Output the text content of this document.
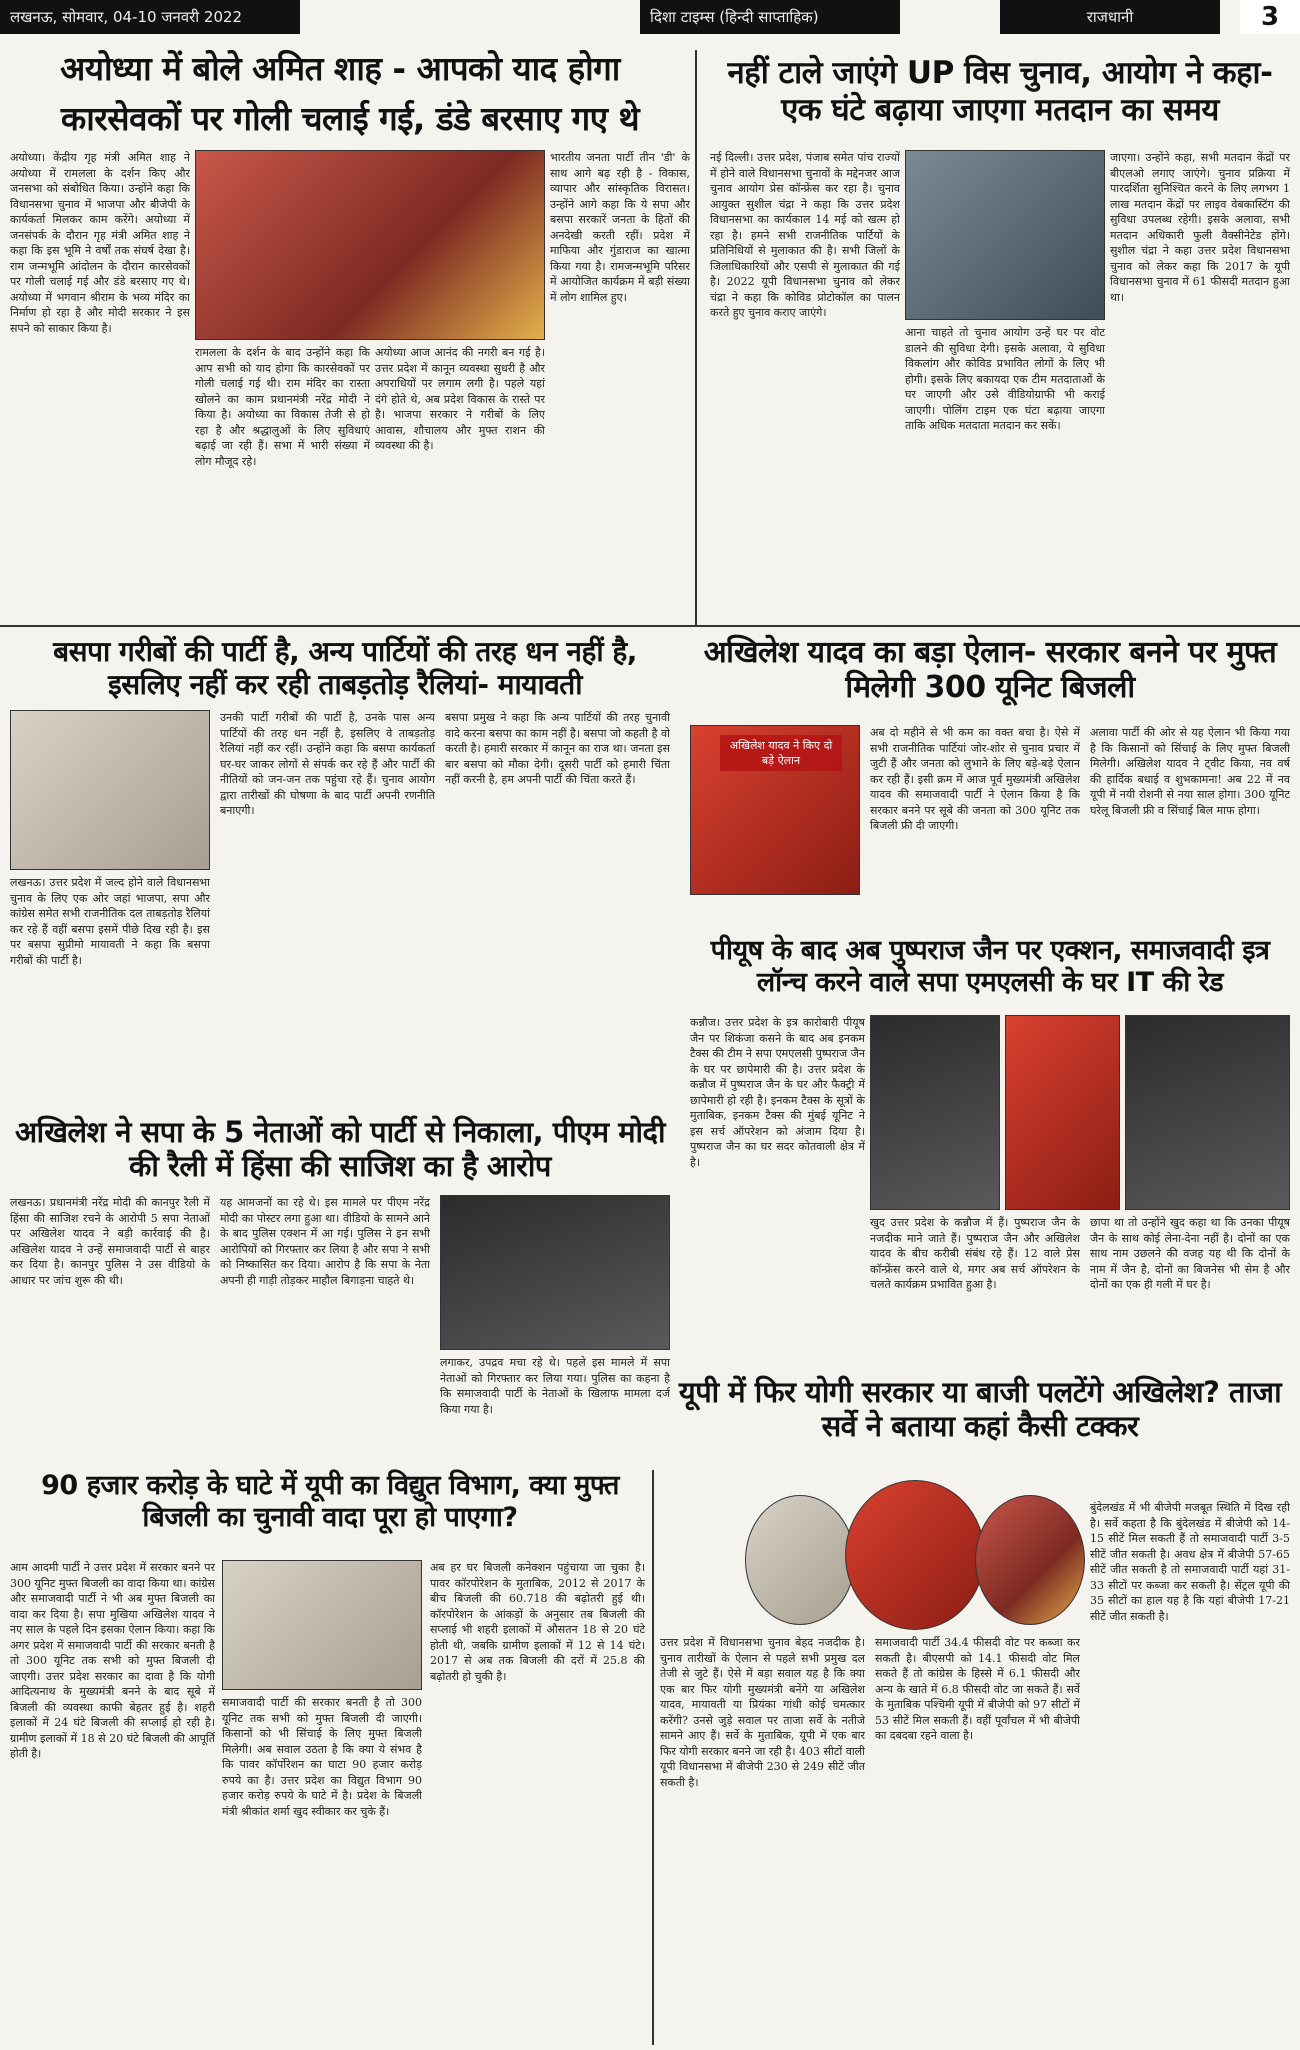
लखनऊ, सोमवार, 04-10 जनवरी 2022	दिशा टाइम्स (हिन्दी साप्ताहिक)	राजधानी	3
अयोध्या में बोले अमित शाह - आपको याद होगा
कारसेवकों पर गोली चलाई गई, डंडे बरसाए गए थे
अयोध्या। केंद्रीय गृह मंत्री अमित शाह ने अयोध्या में रामलला के दर्शन किए और जनसभा को संबोधित किया। उन्होंने कहा कि विधानसभा चुनाव में भाजपा और बीजेपी के कार्यकर्ता मिलकर काम करेंगे। अयोध्या में जनसंपर्क के दौरान गृह मंत्री अमित शाह ने कहा कि इस भूमि ने वर्षों तक संघर्ष देखा है। राम जन्मभूमि आंदोलन के दौरान कारसेवकों पर गोली चलाई गई और डंडे बरसाए गए थे। अयोध्या में भगवान श्रीराम के भव्य मंदिर का निर्माण हो रहा है और मोदी सरकार ने इस सपने को साकार किया है।
रामलला के दर्शन के बाद उन्होंने कहा कि आप सभी को याद होगा कि कारसेवकों पर गोली चलाई गई थी। राम मंदिर का रास्ता खोलने का काम प्रधानमंत्री नरेंद्र मोदी ने किया है। अयोध्या का विकास तेजी से हो रहा है और श्रद्धालुओं के लिए सुविधाएं बढ़ाई जा रही हैं। सभा में भारी संख्या में लोग मौजूद रहे।
अयोध्या आज आनंद की नगरी बन गई है। उत्तर प्रदेश में कानून व्यवस्था सुधरी है और अपराधियों पर लगाम लगी है। पहले यहां दंगे होते थे, अब प्रदेश विकास के रास्ते पर है। भाजपा सरकार ने गरीबों के लिए आवास, शौचालय और मुफ्त राशन की व्यवस्था की है।
भारतीय जनता पार्टी तीन 'डी' के साथ आगे बढ़ रही है - विकास, व्यापार और सांस्कृतिक विरासत। उन्होंने आगे कहा कि ये सपा और बसपा सरकारें जनता के हितों की अनदेखी करती रहीं। प्रदेश में माफिया और गुंडाराज का खात्मा किया गया है। रामजन्मभूमि परिसर में आयोजित कार्यक्रम में बड़ी संख्या में लोग शामिल हुए।
नहीं टाले जाएंगे UP विस चुनाव, आयोग ने कहा- एक घंटे बढ़ाया जाएगा मतदान का समय
नई दिल्ली। उत्तर प्रदेश, पंजाब समेत पांच राज्यों में होने वाले विधानसभा चुनावों के मद्देनजर आज चुनाव आयोग प्रेस कॉन्फ्रेंस कर रहा है। चुनाव आयुक्त सुशील चंद्रा ने कहा कि उत्तर प्रदेश विधानसभा का कार्यकाल 14 मई को खत्म हो रहा है। हमने सभी राजनीतिक पार्टियों के प्रतिनिधियों से मुलाकात की है। सभी जिलों के जिलाधिकारियों और एसपी से मुलाकात की गई है। 2022 यूपी विधानसभा चुनाव को लेकर चंद्रा ने कहा कि कोविड प्रोटोकॉल का पालन करते हुए चुनाव कराए जाएंगे।
आना चाहते तो चुनाव आयोग उन्हें घर पर वोट डालने की सुविधा देगी। इसके अलावा, ये सुविधा विकलांग और कोविड प्रभावित लोगों के लिए भी होगी। इसके लिए बकायदा एक टीम मतदाताओं के घर जाएगी और उसे वीडियोग्राफी भी कराई जाएगी। पोलिंग टाइम एक घंटा बढ़ाया जाएगा ताकि अधिक मतदाता मतदान कर सकें।
जाएगा। उन्होंने कहा, सभी मतदान केंद्रों पर बीएलओ लगाए जाएंगे। चुनाव प्रक्रिया में पारदर्शिता सुनिश्चित करने के लिए लगभग 1 लाख मतदान केंद्रों पर लाइव वेबकास्टिंग की सुविधा उपलब्ध रहेगी। इसके अलावा, सभी मतदान अधिकारी फुली वैक्सीनेटेड होंगे। सुशील चंद्रा ने कहा उत्तर प्रदेश विधानसभा चुनाव को लेकर कहा कि 2017 के यूपी विधानसभा चुनाव में 61 फीसदी मतदान हुआ था।
बसपा गरीबों की पार्टी है, अन्य पार्टियों की तरह धन नहीं है, इसलिए नहीं कर रही ताबड़तोड़ रैलियां- मायावती
लखनऊ। उत्तर प्रदेश में जल्द होने वाले विधानसभा चुनाव के लिए एक ओर जहां भाजपा, सपा और कांग्रेस समेत सभी राजनीतिक दल ताबड़तोड़ रैलियां कर रहे हैं वहीं बसपा इसमें पीछे दिख रही है। इस पर बसपा सुप्रीमो मायावती ने कहा कि बसपा गरीबों की पार्टी है।
उनकी पार्टी गरीबों की पार्टी है, उनके पास अन्य पार्टियों की तरह धन नहीं है, इसलिए वे ताबड़तोड़ रैलियां नहीं कर रहीं। उन्होंने कहा कि बसपा कार्यकर्ता घर-घर जाकर लोगों से संपर्क कर रहे हैं और पार्टी की नीतियों को जन-जन तक पहुंचा रहे हैं। चुनाव आयोग द्वारा तारीखों की घोषणा के बाद पार्टी अपनी रणनीति बनाएगी।
बसपा प्रमुख ने कहा कि अन्य पार्टियों की तरह चुनावी वादे करना बसपा का काम नहीं है। बसपा जो कहती है वो करती है। हमारी सरकार में कानून का राज था। जनता इस बार बसपा को मौका देगी। दूसरी पार्टी को हमारी चिंता नहीं करनी है, हम अपनी पार्टी की चिंता करते हैं।
अखिलेश यादव का बड़ा ऐलान- सरकार बनने पर मुफ्त मिलेगी 300 यूनिट बिजली
अखिलेश यादव ने किए दो बड़े ऐलान
अब दो महीने से भी कम का वक्त बचा है। ऐसे में सभी राजनीतिक पार्टियां जोर-शोर से चुनाव प्रचार में जुटी हैं और जनता को लुभाने के लिए बड़े-बड़े ऐलान कर रही हैं। इसी क्रम में आज पूर्व मुख्यमंत्री अखिलेश यादव की समाजवादी पार्टी ने ऐलान किया है कि सरकार बनने पर सूबे की जनता को 300 यूनिट तक बिजली फ्री दी जाएगी।
अलावा पार्टी की ओर से यह ऐलान भी किया गया है कि किसानों को सिंचाई के लिए मुफ्त बिजली मिलेगी। अखिलेश यादव ने ट्वीट किया, नव वर्ष की हार्दिक बधाई व शुभकामना! अब 22 में नव यूपी में नयी रोशनी से नया साल होगा। 300 यूनिट घरेलू बिजली फ्री व सिंचाई बिल माफ होगा।
पीयूष के बाद अब पुष्पराज जैन पर एक्शन, समाजवादी इत्र लॉन्च करने वाले सपा एमएलसी के घर IT की रेड
कन्नौज। उत्तर प्रदेश के इत्र कारोबारी पीयूष जैन पर शिकंजा कसने के बाद अब इनकम टैक्स की टीम ने सपा एमएलसी पुष्पराज जैन के घर पर छापेमारी की है। उत्तर प्रदेश के कन्नौज में पुष्पराज जैन के घर और फैक्ट्री में छापेमारी हो रही है। इनकम टैक्स के सूत्रों के मुताबिक, इनकम टैक्स की मुंबई यूनिट ने इस सर्च ऑपरेशन को अंजाम दिया है। पुष्पराज जैन का घर सदर कोतवाली क्षेत्र में है।
खुद उत्तर प्रदेश के कन्नौज में हैं। पुष्पराज जैन के नजदीक माने जाते हैं। पुष्पराज जैन और अखिलेश यादव के बीच करीबी संबंध रहे हैं। 12 वाले प्रेस कॉन्फ्रेंस करने वाले थे, मगर अब सर्च ऑपरेशन के चलते कार्यक्रम प्रभावित हुआ है।
छापा था तो उन्होंने खुद कहा था कि उनका पीयूष जैन के साथ कोई लेना-देना नहीं है। दोनों का एक साथ नाम उछलने की वजह यह थी कि दोनों के नाम में जैन है, दोनों का बिजनेस भी सेम है और दोनों का एक ही गली में घर है।
अखिलेश ने सपा के 5 नेताओं को पार्टी से निकाला, पीएम मोदी की रैली में हिंसा की साजिश का है आरोप
लखनऊ। प्रधानमंत्री नरेंद्र मोदी की कानपुर रैली में हिंसा की साजिश रचने के आरोपी 5 सपा नेताओं पर अखिलेश यादव ने बड़ी कार्रवाई की है। अखिलेश यादव ने उन्हें समाजवादी पार्टी से बाहर कर दिया है। कानपुर पुलिस ने उस वीडियो के आधार पर जांच शुरू की थी।
यह आमजनों का रहे थे। इस मामले पर पीएम नरेंद्र मोदी का पोस्टर लगा हुआ था। वीडियो के सामने आने के बाद पुलिस एक्शन में आ गई। पुलिस ने इन सभी आरोपियों को गिरफ्तार कर लिया है और सपा ने सभी को निष्कासित कर दिया। आरोप है कि सपा के नेता अपनी ही गाड़ी तोड़कर माहौल बिगाड़ना चाहते थे।
लगाकर, उपद्रव मचा रहे थे। पहले इस मामले में सपा नेताओं को गिरफ्तार कर लिया गया। पुलिस का कहना है कि समाजवादी पार्टी के नेताओं के खिलाफ मामला दर्ज किया गया है।
90 हजार करोड़ के घाटे में यूपी का विद्युत विभाग, क्या मुफ्त बिजली का चुनावी वादा पूरा हो पाएगा?
आम आदमी पार्टी ने उत्तर प्रदेश में सरकार बनने पर 300 यूनिट मुफ्त बिजली का वादा किया था। कांग्रेस और समाजवादी पार्टी ने भी अब मुफ्त बिजली का वादा कर दिया है। सपा मुखिया अखिलेश यादव ने नए साल के पहले दिन इसका ऐलान किया। कहा कि अगर प्रदेश में समाजवादी पार्टी की सरकार बनती है तो 300 यूनिट तक सभी को मुफ्त बिजली दी जाएगी। उत्तर प्रदेश सरकार का दावा है कि योगी आदित्यनाथ के मुख्यमंत्री बनने के बाद सूबे में बिजली की व्यवस्था काफी बेहतर हुई है। शहरी इलाकों में 24 घंटे बिजली की सप्लाई हो रही है। ग्रामीण इलाकों में 18 से 20 घंटे बिजली की आपूर्ति होती है।
समाजवादी पार्टी की सरकार बनती है तो 300 यूनिट तक सभी को मुफ्त बिजली दी जाएगी। किसानों को भी सिंचाई के लिए मुफ्त बिजली मिलेगी। अब सवाल उठता है कि क्या ये संभव है कि पावर कॉर्पोरेशन का घाटा 90 हजार करोड़ रुपये का है। उत्तर प्रदेश का विद्युत विभाग 90 हजार करोड़ रुपये के घाटे में है। प्रदेश के बिजली मंत्री श्रीकांत शर्मा खुद स्वीकार कर चुके हैं।
अब हर घर बिजली कनेक्शन पहुंचाया जा चुका है। पावर कॉरपोरेशन के मुताबिक, 2012 से 2017 के बीच बिजली की 60.718 की बढ़ोतरी हुई थी। कॉरपोरेशन के आंकड़ों के अनुसार तब बिजली की सप्लाई भी शहरी इलाकों में औसतन 18 से 20 घंटे होती थी, जबकि ग्रामीण इलाकों में 12 से 14 घंटे। 2017 से अब तक बिजली की दरों में 25.8 की बढ़ोतरी हो चुकी है।
यूपी में फिर योगी सरकार या बाजी पलटेंगे अखिलेश? ताजा सर्वे ने बताया कहां कैसी टक्कर
उत्तर प्रदेश में विधानसभा चुनाव बेहद नजदीक है। चुनाव तारीखों के ऐलान से पहले सभी प्रमुख दल तेजी से जुटे हैं। ऐसे में बड़ा सवाल यह है कि क्या एक बार फिर योगी मुख्यमंत्री बनेंगे या अखिलेश यादव, मायावती या प्रियंका गांधी कोई चमत्कार करेंगी? उनसे जुड़े सवाल पर ताजा सर्वे के नतीजे सामने आए हैं। सर्वे के मुताबिक, यूपी में एक बार फिर योगी सरकार बनने जा रही है। 403 सीटों वाली यूपी विधानसभा में बीजेपी 230 से 249 सीटें जीत सकती है।
समाजवादी पार्टी 34.4 फीसदी वोट पर कब्जा कर सकती है। बीएसपी को 14.1 फीसदी वोट मिल सकते हैं तो कांग्रेस के हिस्से में 6.1 फीसदी और अन्य के खाते में 6.8 फीसदी वोट जा सकते हैं। सर्वे के मुताबिक पश्चिमी यूपी में बीजेपी को 97 सीटों में 53 सीटें मिल सकती हैं। वहीं पूर्वांचल में भी बीजेपी का दबदबा रहने वाला है।
बुंदेलखंड में भी बीजेपी मजबूत स्थिति में दिख रही है। सर्वे कहता है कि बुंदेलखंड में बीजेपी को 14-15 सीटें मिल सकती हैं तो समाजवादी पार्टी 3-5 सीटें जीत सकती है। अवध क्षेत्र में बीजेपी 57-65 सीटें जीत सकती है तो समाजवादी पार्टी यहां 31-33 सीटों पर कब्जा कर सकती है। सेंट्रल यूपी की 35 सीटों का हाल यह है कि यहां बीजेपी 17-21 सीटें जीत सकती है।
